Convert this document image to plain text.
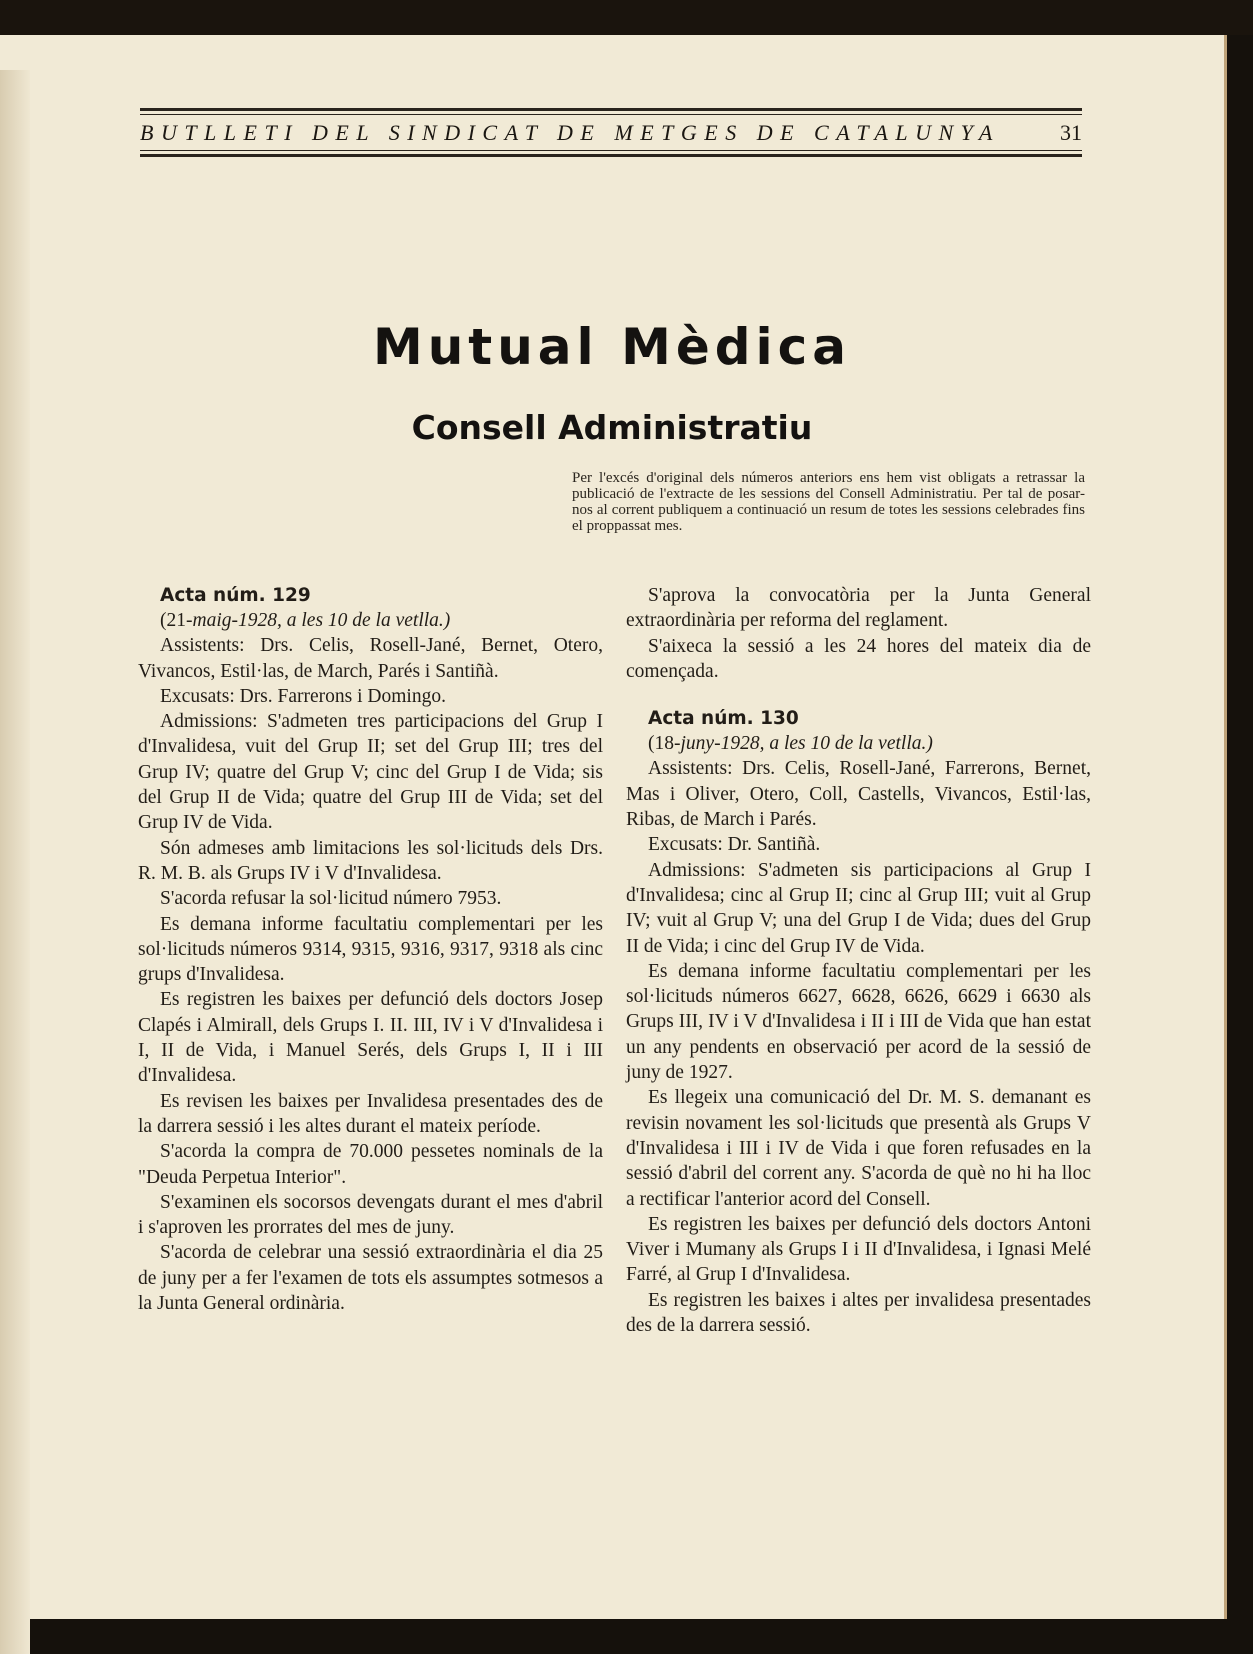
BUTLLETI DEL SINDICAT DE METGES DE CATALUNYA	31
Mutual Mèdica
Consell Administratiu
Per l'excés d'original dels números anteriors ens hem vist obligats a retrassar la publicació de l'extracte de les sessions del Consell Administratiu. Per tal de posar-nos al corrent publiquem a continuació un resum de totes les sessions celebrades fins el proppassat mes.

Acta núm. 129

(21-maig-1928, a les 10 de la vetlla.)

Assistents: Drs. Celis, Rosell-Jané, Bernet, Otero, Vivancos, Estil·las, de March, Parés i Santiñà.

Excusats: Drs. Farrerons i Domingo.

Admissions: S'admeten tres participacions del Grup I d'Invalidesa, vuit del Grup II; set del Grup III; tres del Grup IV; quatre del Grup V; cinc del Grup I de Vida; sis del Grup II de Vida; quatre del Grup III de Vida; set del Grup IV de Vida.

Són admeses amb limitacions les sol·licituds dels Drs. R. M. B. als Grups IV i V d'Invalidesa.

S'acorda refusar la sol·licitud número 7953.

Es demana informe facultatiu complementari per les sol·licituds números 9314, 9315, 9316, 9317, 9318 als cinc grups d'Invalidesa.

Es registren les baixes per defunció dels doctors Josep Clapés i Almirall, dels Grups I. II. III, IV i V d'Invalidesa i I, II de Vida, i Manuel Serés, dels Grups I, II i III d'Invalidesa.

Es revisen les baixes per Invalidesa presentades des de la darrera sessió i les altes durant el mateix període.

S'acorda la compra de 70.000 pessetes nominals de la "Deuda Perpetua Interior".

S'examinen els socorsos devengats durant el mes d'abril i s'aproven les prorrates del mes de juny.

S'acorda de celebrar una sessió extraordinària el dia 25 de juny per a fer l'examen de tots els assumptes sotmesos a la Junta General ordinària.

S'aprova la convocatòria per la Junta General extraordinària per reforma del reglament.

S'aixeca la sessió a les 24 hores del mateix dia de començada.

Acta núm. 130

(18-juny-1928, a les 10 de la vetlla.)

Assistents: Drs. Celis, Rosell-Jané, Farrerons, Bernet, Mas i Oliver, Otero, Coll, Castells, Vivancos, Estil·las, Ribas, de March i Parés.

Excusats: Dr. Santiñà.

Admissions: S'admeten sis participacions al Grup I d'Invalidesa; cinc al Grup II; cinc al Grup III; vuit al Grup IV; vuit al Grup V; una del Grup I de Vida; dues del Grup II de Vida; i cinc del Grup IV de Vida.

Es demana informe facultatiu complementari per les sol·licituds números 6627, 6628, 6626, 6629 i 6630 als Grups III, IV i V d'Invalidesa i II i III de Vida que han estat un any pendents en observació per acord de la sessió de juny de 1927.

Es llegeix una comunicació del Dr. M. S. demanant es revisin novament les sol·licituds que presentà als Grups V d'Invalidesa i III i IV de Vida i que foren refusades en la sessió d'abril del corrent any. S'acorda de què no hi ha lloc a rectificar l'anterior acord del Consell.

Es registren les baixes per defunció dels doctors Antoni Viver i Mumany als Grups I i II d'Invalidesa, i Ignasi Melé Farré, al Grup I d'Invalidesa.

Es registren les baixes i altes per invalidesa presentades des de la darrera sessió.
